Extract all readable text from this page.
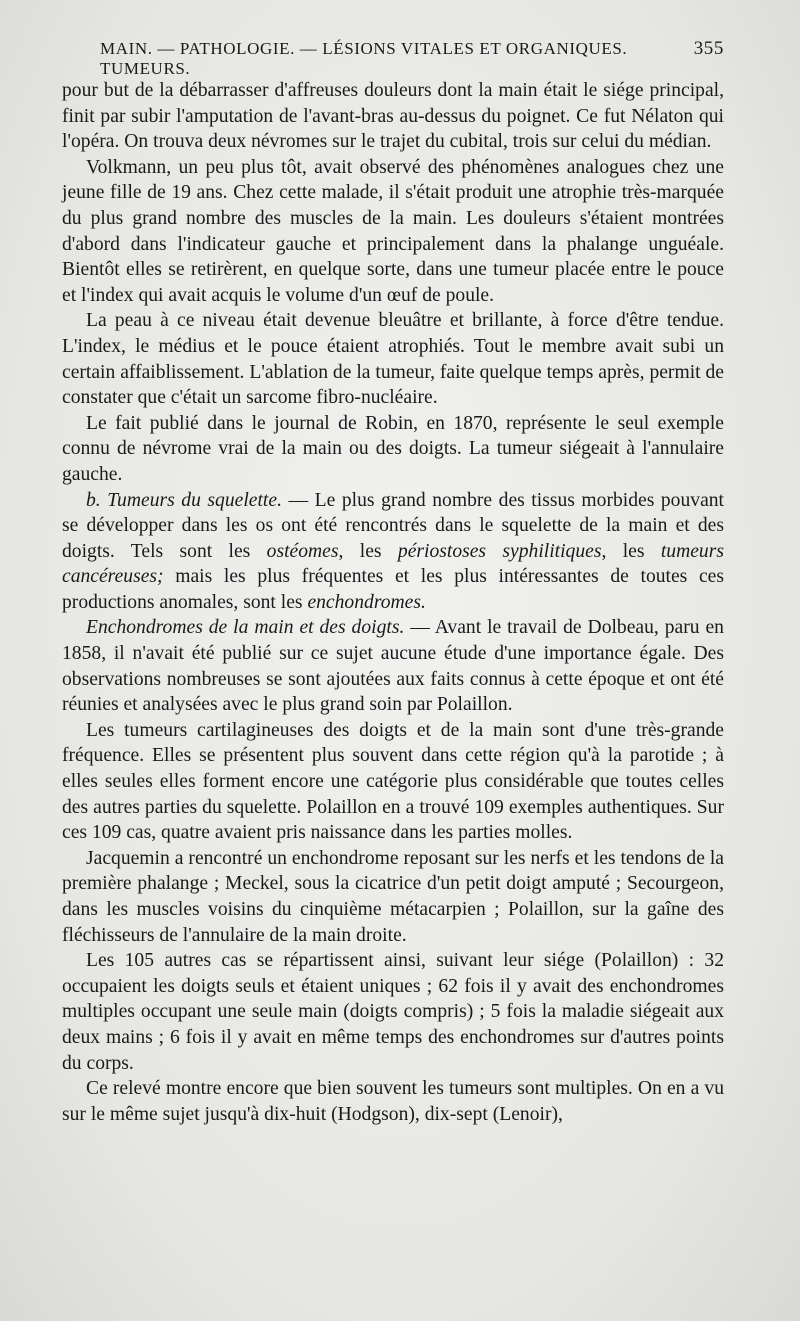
MAIN. — PATHOLOGIE. — LÉSIONS VITALES ET ORGANIQUES. TUMEURS.
355

pour but de la débarrasser d'affreuses douleurs dont la main était le siége principal, finit par subir l'amputation de l'avant-bras au-dessus du poignet. Ce fut Nélaton qui l'opéra. On trouva deux névromes sur le trajet du cubital, trois sur celui du médian.

Volkmann, un peu plus tôt, avait observé des phénomènes analogues chez une jeune fille de 19 ans. Chez cette malade, il s'était produit une atrophie très-marquée du plus grand nombre des muscles de la main. Les douleurs s'étaient montrées d'abord dans l'indicateur gauche et principalement dans la phalange unguéale. Bientôt elles se retirèrent, en quelque sorte, dans une tumeur placée entre le pouce et l'index qui avait acquis le volume d'un œuf de poule.

La peau à ce niveau était devenue bleuâtre et brillante, à force d'être tendue. L'index, le médius et le pouce étaient atrophiés. Tout le membre avait subi un certain affaiblissement. L'ablation de la tumeur, faite quelque temps après, permit de constater que c'était un sarcome fibro-nucléaire.

Le fait publié dans le journal de Robin, en 1870, représente le seul exemple connu de névrome vrai de la main ou des doigts. La tumeur siégeait à l'annulaire gauche.

b. Tumeurs du squelette. — Le plus grand nombre des tissus morbides pouvant se développer dans les os ont été rencontrés dans le squelette de la main et des doigts. Tels sont les ostéomes, les périostoses syphilitiques, les tumeurs cancéreuses; mais les plus fréquentes et les plus intéressantes de toutes ces productions anomales, sont les enchondromes.

Enchondromes de la main et des doigts. — Avant le travail de Dolbeau, paru en 1858, il n'avait été publié sur ce sujet aucune étude d'une importance égale. Des observations nombreuses se sont ajoutées aux faits connus à cette époque et ont été réunies et analysées avec le plus grand soin par Polaillon.

Les tumeurs cartilagineuses des doigts et de la main sont d'une très-grande fréquence. Elles se présentent plus souvent dans cette région qu'à la parotide ; à elles seules elles forment encore une catégorie plus considérable que toutes celles des autres parties du squelette. Polaillon en a trouvé 109 exemples authentiques. Sur ces 109 cas, quatre avaient pris naissance dans les parties molles.

Jacquemin a rencontré un enchondrome reposant sur les nerfs et les tendons de la première phalange ; Meckel, sous la cicatrice d'un petit doigt amputé ; Secourgeon, dans les muscles voisins du cinquième métacarpien ; Polaillon, sur la gaîne des fléchisseurs de l'annulaire de la main droite.

Les 105 autres cas se répartissent ainsi, suivant leur siége (Polaillon) : 32 occupaient les doigts seuls et étaient uniques ; 62 fois il y avait des enchondromes multiples occupant une seule main (doigts compris) ; 5 fois la maladie siégeait aux deux mains ; 6 fois il y avait en même temps des enchondromes sur d'autres points du corps.

Ce relevé montre encore que bien souvent les tumeurs sont multiples. On en a vu sur le même sujet jusqu'à dix-huit (Hodgson), dix-sept (Lenoir),
